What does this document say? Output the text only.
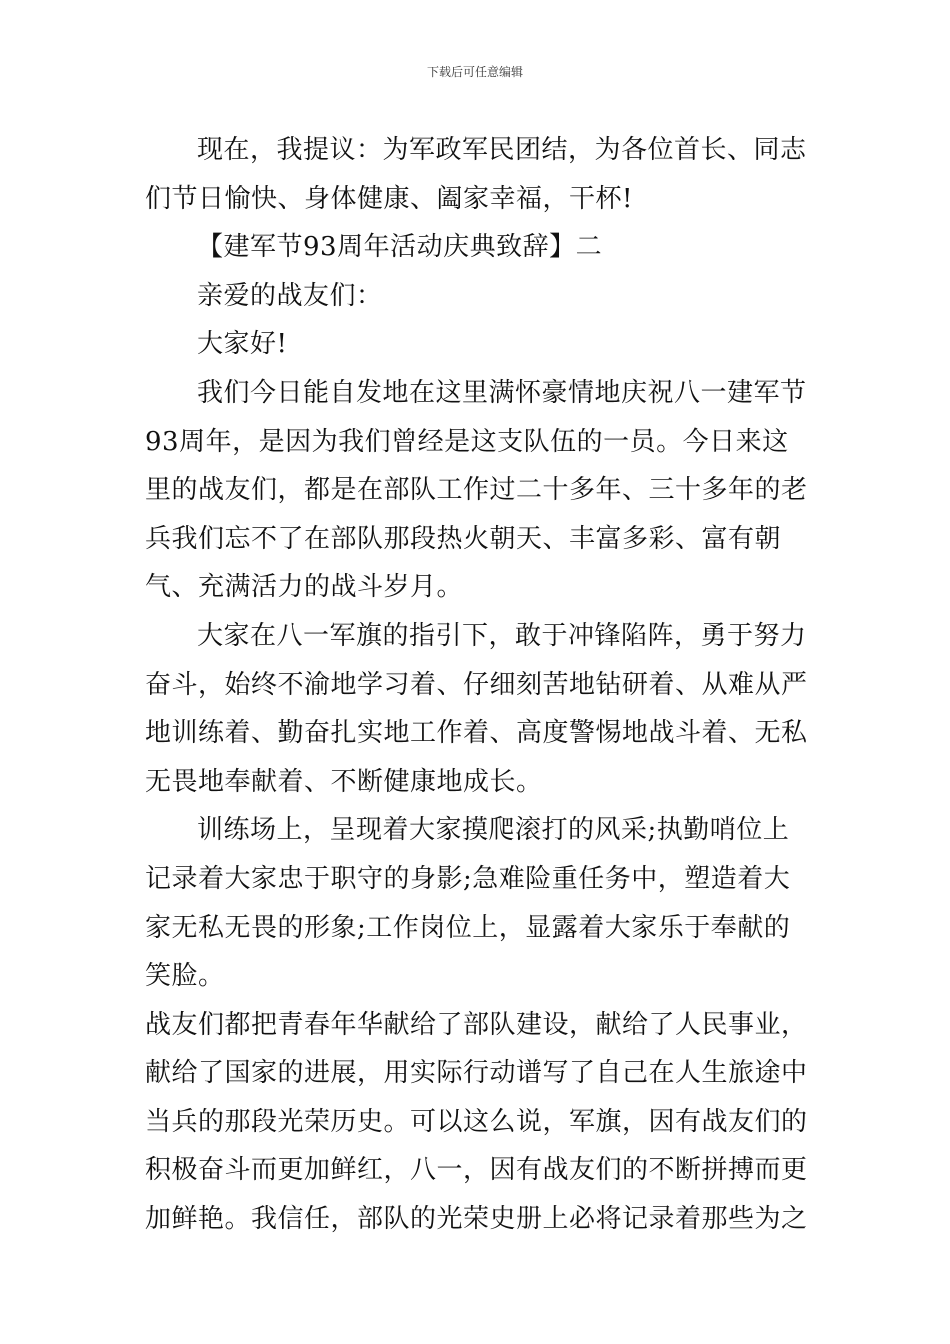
下载后可任意编辑

现在，我提议：为军政军民团结，为各位首长、同志们节日愉快、身体健康、阖家幸福，干杯!

【建军节93周年活动庆典致辞】二

亲爱的战友们：

大家好!

我们今日能自发地在这里满怀豪情地庆祝八一建军节93周年，是因为我们曾经是这支队伍的一员。今日来这里的战友们，都是在部队工作过二十多年、三十多年的老兵我们忘不了在部队那段热火朝天、丰富多彩、富有朝气、充满活力的战斗岁月。

大家在八一军旗的指引下，敢于冲锋陷阵，勇于努力奋斗，始终不渝地学习着、仔细刻苦地钻研着、从难从严地训练着、勤奋扎实地工作着、高度警惕地战斗着、无私无畏地奉献着、不断健康地成长。

训练场上，呈现着大家摸爬滚打的风采;执勤哨位上记录着大家忠于职守的身影;急难险重任务中，塑造着大家无私无畏的形象;工作岗位上，显露着大家乐于奉献的笑脸。

战友们都把青春年华献给了部队建设，献给了人民事业，献给了国家的进展，用实际行动谱写了自己在人生旅途中当兵的那段光荣历史。可以这么说，军旗，因有战友们的积极奋斗而更加鲜红，八一，因有战友们的不断拼搏而更加鲜艳。我信任，部队的光荣史册上必将记录着那些为之
